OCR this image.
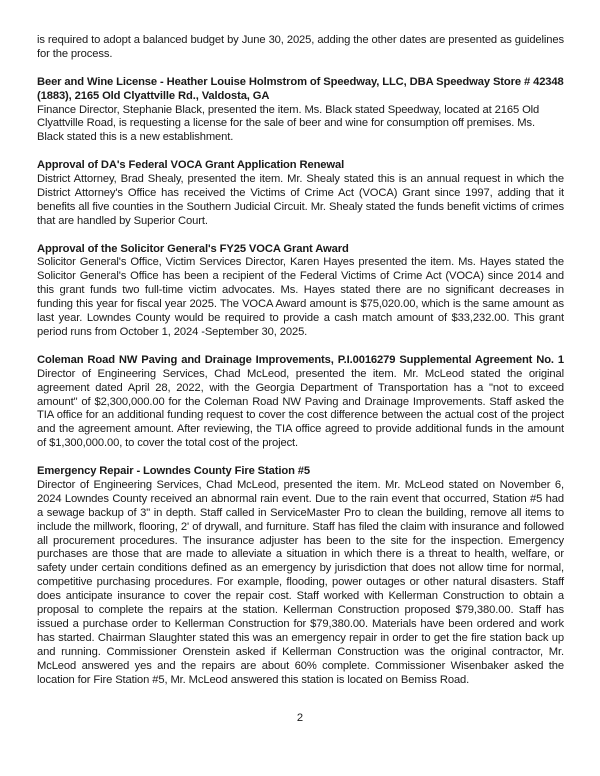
is required to adopt a balanced budget by June 30, 2025, adding the other dates are presented as guidelines for the process.

Beer and Wine License - Heather Louise Holmstrom of Speedway, LLC, DBA Speedway Store # 42348 (1883), 2165 Old Clyattville Rd., Valdosta, GA

Finance Director, Stephanie Black, presented the item. Ms. Black stated Speedway, located at 2165 Old Clyattville Road, is requesting a license for the sale of beer and wine for consumption off premises. Ms. Black stated this is a new establishment.

Approval of DA's Federal VOCA Grant Application Renewal

District Attorney, Brad Shealy, presented the item. Mr. Shealy stated this is an annual request in which the District Attorney's Office has received the Victims of Crime Act (VOCA) Grant since 1997, adding that it benefits all five counties in the Southern Judicial Circuit. Mr. Shealy stated the funds benefit victims of crimes that are handled by Superior Court.

Approval of the Solicitor General's FY25 VOCA Grant Award

Solicitor General's Office, Victim Services Director, Karen Hayes presented the item. Ms. Hayes stated the Solicitor General's Office has been a recipient of the Federal Victims of Crime Act (VOCA) since 2014 and this grant funds two full-time victim advocates. Ms. Hayes stated there are no significant decreases in funding this year for fiscal year 2025. The VOCA Award amount is $75,020.00, which is the same amount as last year. Lowndes County would be required to provide a cash match amount of $33,232.00. This grant period runs from October 1, 2024 -September 30, 2025.

Coleman Road NW Paving and Drainage Improvements, P.I.0016279 Supplemental Agreement No. 1 Director of Engineering Services, Chad McLeod, presented the item. Mr. McLeod stated the original agreement dated April 28, 2022, with the Georgia Department of Transportation has a "not to exceed amount" of $2,300,000.00 for the Coleman Road NW Paving and Drainage Improvements. Staff asked the TIA office for an additional funding request to cover the cost difference between the actual cost of the project and the agreement amount. After reviewing, the TIA office agreed to provide additional funds in the amount of $1,300,000.00, to cover the total cost of the project.

Emergency Repair - Lowndes County Fire Station #5

Director of Engineering Services, Chad McLeod, presented the item. Mr. McLeod stated on November 6, 2024 Lowndes County received an abnormal rain event. Due to the rain event that occurred, Station #5 had a sewage backup of 3" in depth. Staff called in ServiceMaster Pro to clean the building, remove all items to include the millwork, flooring, 2' of drywall, and furniture. Staff has filed the claim with insurance and followed all procurement procedures. The insurance adjuster has been to the site for the inspection. Emergency purchases are those that are made to alleviate a situation in which there is a threat to health, welfare, or safety under certain conditions defined as an emergency by jurisdiction that does not allow time for normal, competitive purchasing procedures. For example, flooding, power outages or other natural disasters. Staff does anticipate insurance to cover the repair cost. Staff worked with Kellerman Construction to obtain a proposal to complete the repairs at the station. Kellerman Construction proposed $79,380.00. Staff has issued a purchase order to Kellerman Construction for $79,380.00. Materials have been ordered and work has started. Chairman Slaughter stated this was an emergency repair in order to get the fire station back up and running. Commissioner Orenstein asked if Kellerman Construction was the original contractor, Mr. McLeod answered yes and the repairs are about 60% complete. Commissioner Wisenbaker asked the location for Fire Station #5, Mr. McLeod answered this station is located on Bemiss Road.

2
